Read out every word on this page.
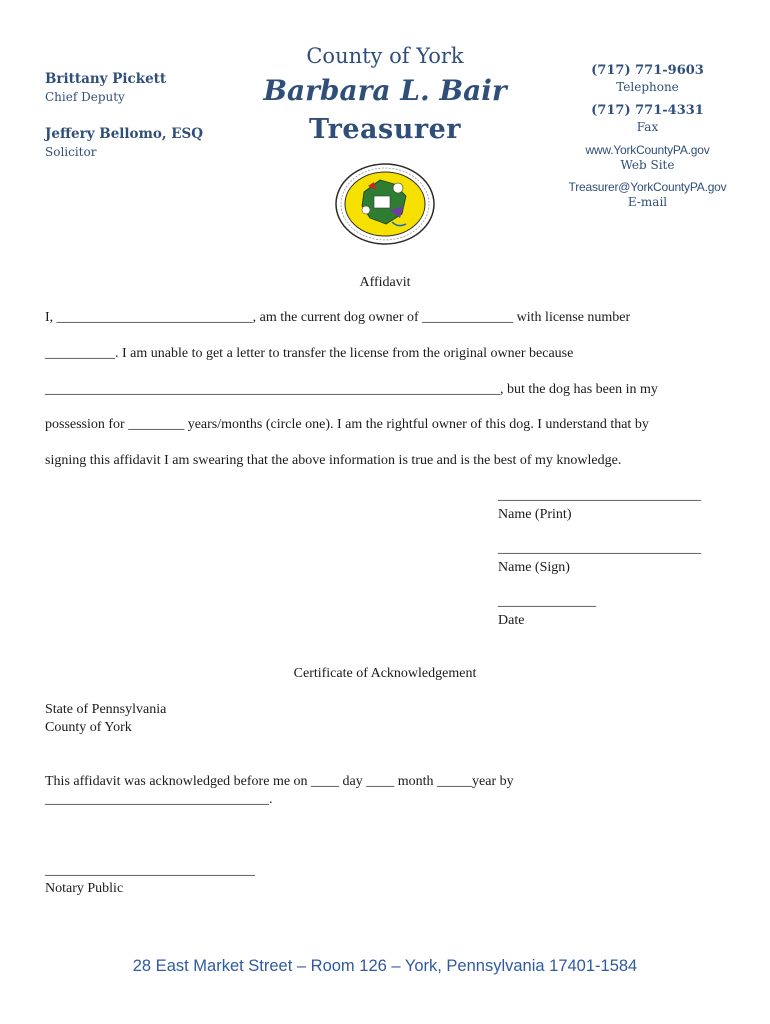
Brittany Pickett
Chief Deputy
Jeffery Bellomo, ESQ
Solicitor
County of York
Barbara L. Bair
Treasurer
(717) 771-9603
Telephone
(717) 771-4331
Fax
www.YorkCountyPA.gov
Web Site
Treasurer@YorkCountyPA.gov
E-mail
Affidavit
I, ____________________________, am the current dog owner of _____________ with license number
__________. I am unable to get a letter to transfer the license from the original owner because
_________________________________________________________________, but the dog has been in my
possession for ________ years/months (circle one). I am the rightful owner of this dog. I understand that by
signing this affidavit I am swearing that the above information is true and is the best of my knowledge.
_____________________________
Name (Print)
_____________________________
Name (Sign)
______________
Date
Certificate of Acknowledgement
State of Pennsylvania
County of York
This affidavit was acknowledged before me on ____ day ____ month _____year by
________________________________.
______________________________
Notary Public
28 East Market Street – Room 126 – York, Pennsylvania 17401-1584
